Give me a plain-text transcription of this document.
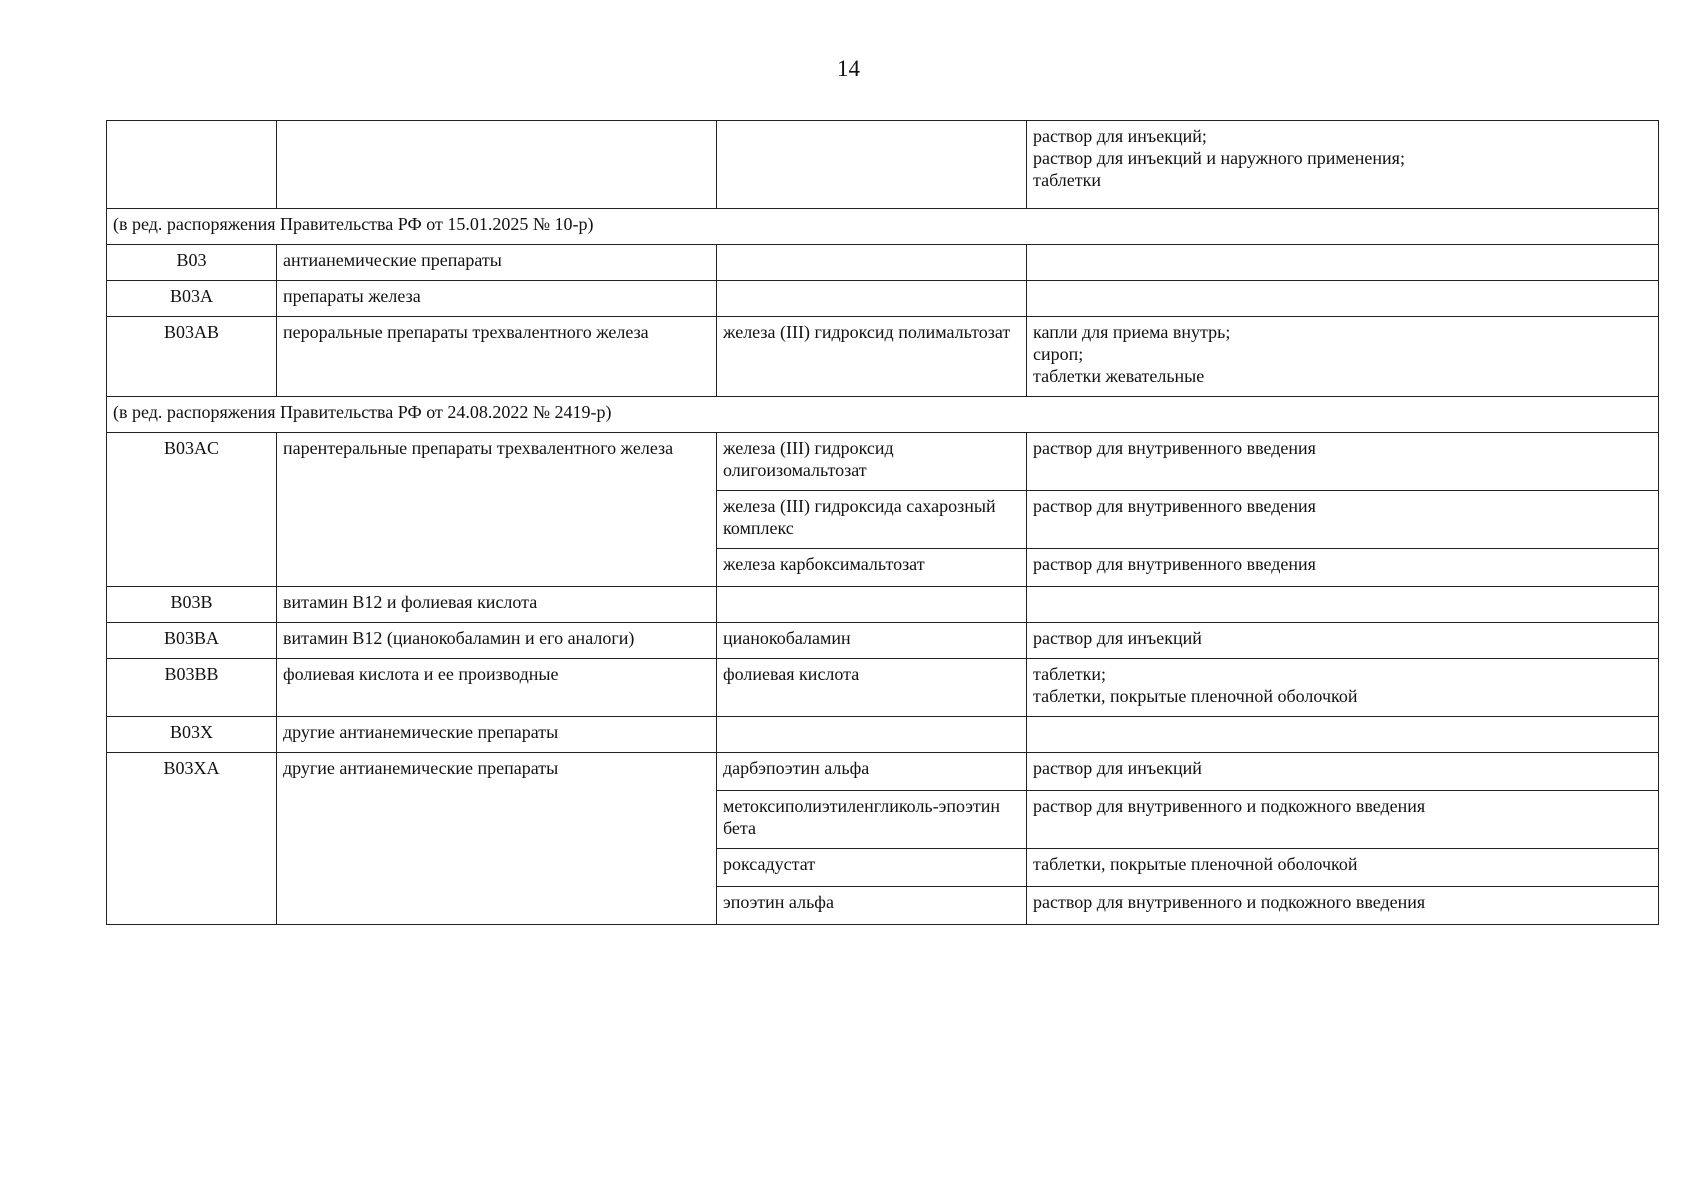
14

			раствор для инъекций;
раствор для инъекций и наружного применения;
таблетки

(в ред. распоряжения Правительства РФ от 15.01.2025 № 10-р)			
B03	антианемические препараты		
B03A	препараты железа		
B03AB	пероральные препараты трехвалентного железа	железа (III) гидроксид полимальтозат	капли для приема внутрь;
сироп;
таблетки жевательные

(в ред. распоряжения Правительства РФ от 24.08.2022 № 2419-р)			
B03AC	парентеральные препараты трехвалентного железа	железа (III) гидроксид олигоизомальтозат	раствор для внутривенного введения

		железа (III) гидроксида сахарозный комплекс	раствор для внутривенного введения

		железа карбоксимальтозат	раствор для внутривенного введения

B03B	витамин B12 и фолиевая кислота		
B03BA	витамин B12 (цианокобаламин и его аналоги)	цианокобаламин	раствор для инъекций

B03BB	фолиевая кислота и ее производные	фолиевая кислота	таблетки;
таблетки, покрытые пленочной оболочкой

B03X	другие антианемические препараты		
B03XA	другие антианемические препараты	дарбэпоэтин альфа	раствор для инъекций

		метоксиполиэтиленгликоль-эпоэтин бета	раствор для внутривенного и подкожного введения

		роксадустат	таблетки, покрытые пленочной оболочкой

		эпоэтин альфа	раствор для внутривенного и подкожного введения
